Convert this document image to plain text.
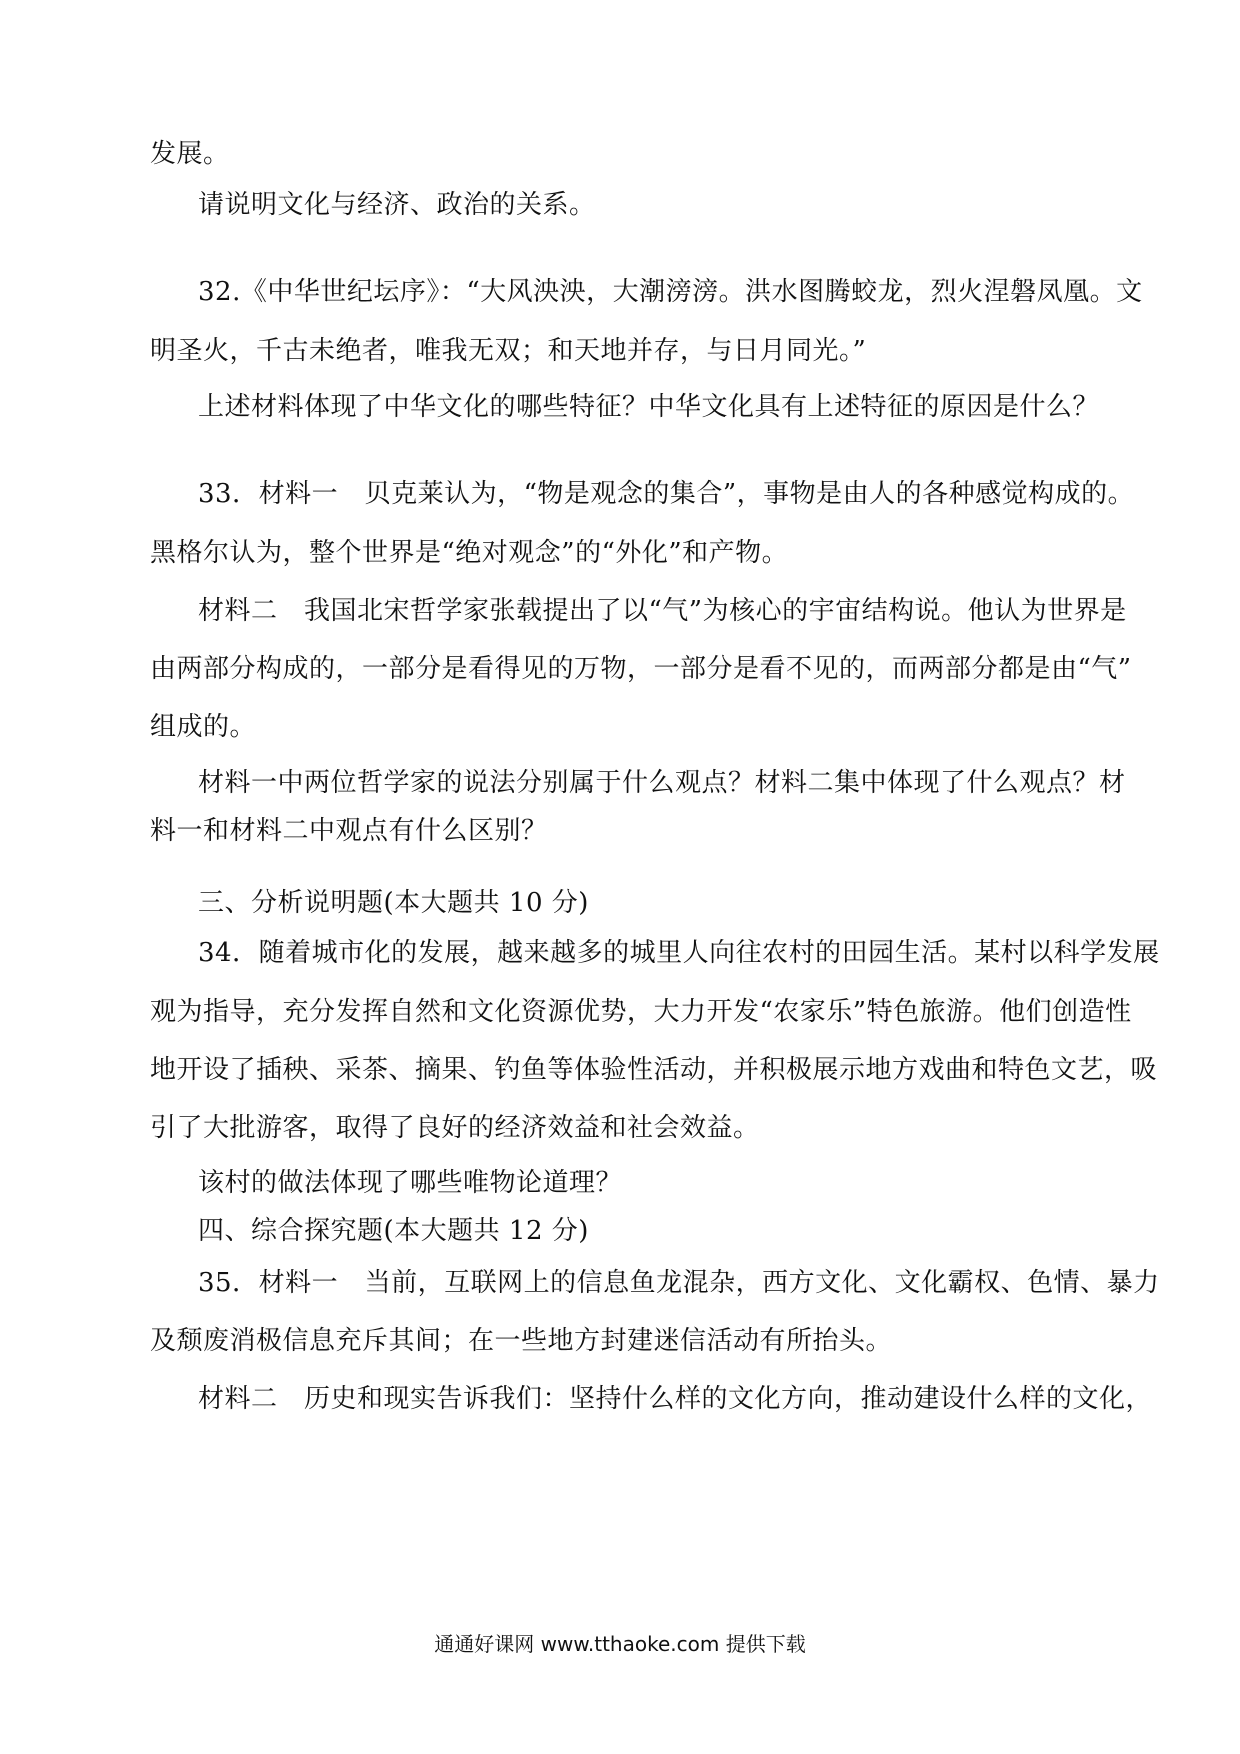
发展。
请说明文化与经济、政治的关系。
32.《中华世纪坛序》：“大风泱泱，大潮滂滂。洪水图腾蛟龙，烈火涅磐凤凰。文
明圣火，千古未绝者，唯我无双；和天地并存，与日月同光。”
上述材料体现了中华文化的哪些特征？中华文化具有上述特征的原因是什么？
33．材料一　贝克莱认为，“物是观念的集合”，事物是由人的各种感觉构成的。
黑格尔认为，整个世界是“绝对观念”的“外化”和产物。
材料二　我国北宋哲学家张载提出了以“气”为核心的宇宙结构说。他认为世界是
由两部分构成的，一部分是看得见的万物，一部分是看不见的，而两部分都是由“气”
组成的。
材料一中两位哲学家的说法分别属于什么观点？材料二集中体现了什么观点？材
料一和材料二中观点有什么区别？
三、分析说明题(本大题共 10 分)
34．随着城市化的发展，越来越多的城里人向往农村的田园生活。某村以科学发展
观为指导，充分发挥自然和文化资源优势，大力开发“农家乐”特色旅游。他们创造性
地开设了插秧、采茶、摘果、钓鱼等体验性活动，并积极展示地方戏曲和特色文艺，吸
引了大批游客，取得了良好的经济效益和社会效益。
该村的做法体现了哪些唯物论道理？
四、综合探究题(本大题共 12 分)
35．材料一　当前，互联网上的信息鱼龙混杂，西方文化、文化霸权、色情、暴力
及颓废消极信息充斥其间；在一些地方封建迷信活动有所抬头。
材料二　历史和现实告诉我们：坚持什么样的文化方向，推动建设什么样的文化，
通通好课网 www.tthaoke.com 提供下载
